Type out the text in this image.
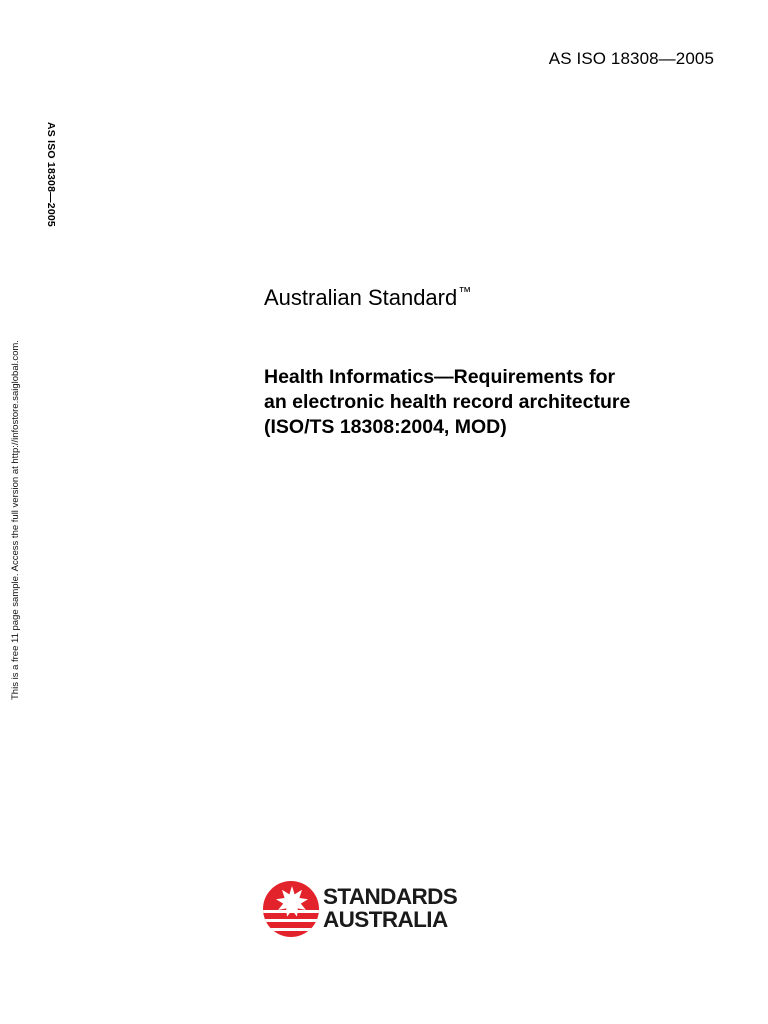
AS ISO 18308—2005
AS ISO 18308—2005
This is a free 11 page sample. Access the full version at http://infostore.saiglobal.com.
Australian Standard™
Health Informatics—Requirements for
an electronic health record architecture
(ISO/TS 18308:2004, MOD)
STANDARDS
AUSTRALIA
